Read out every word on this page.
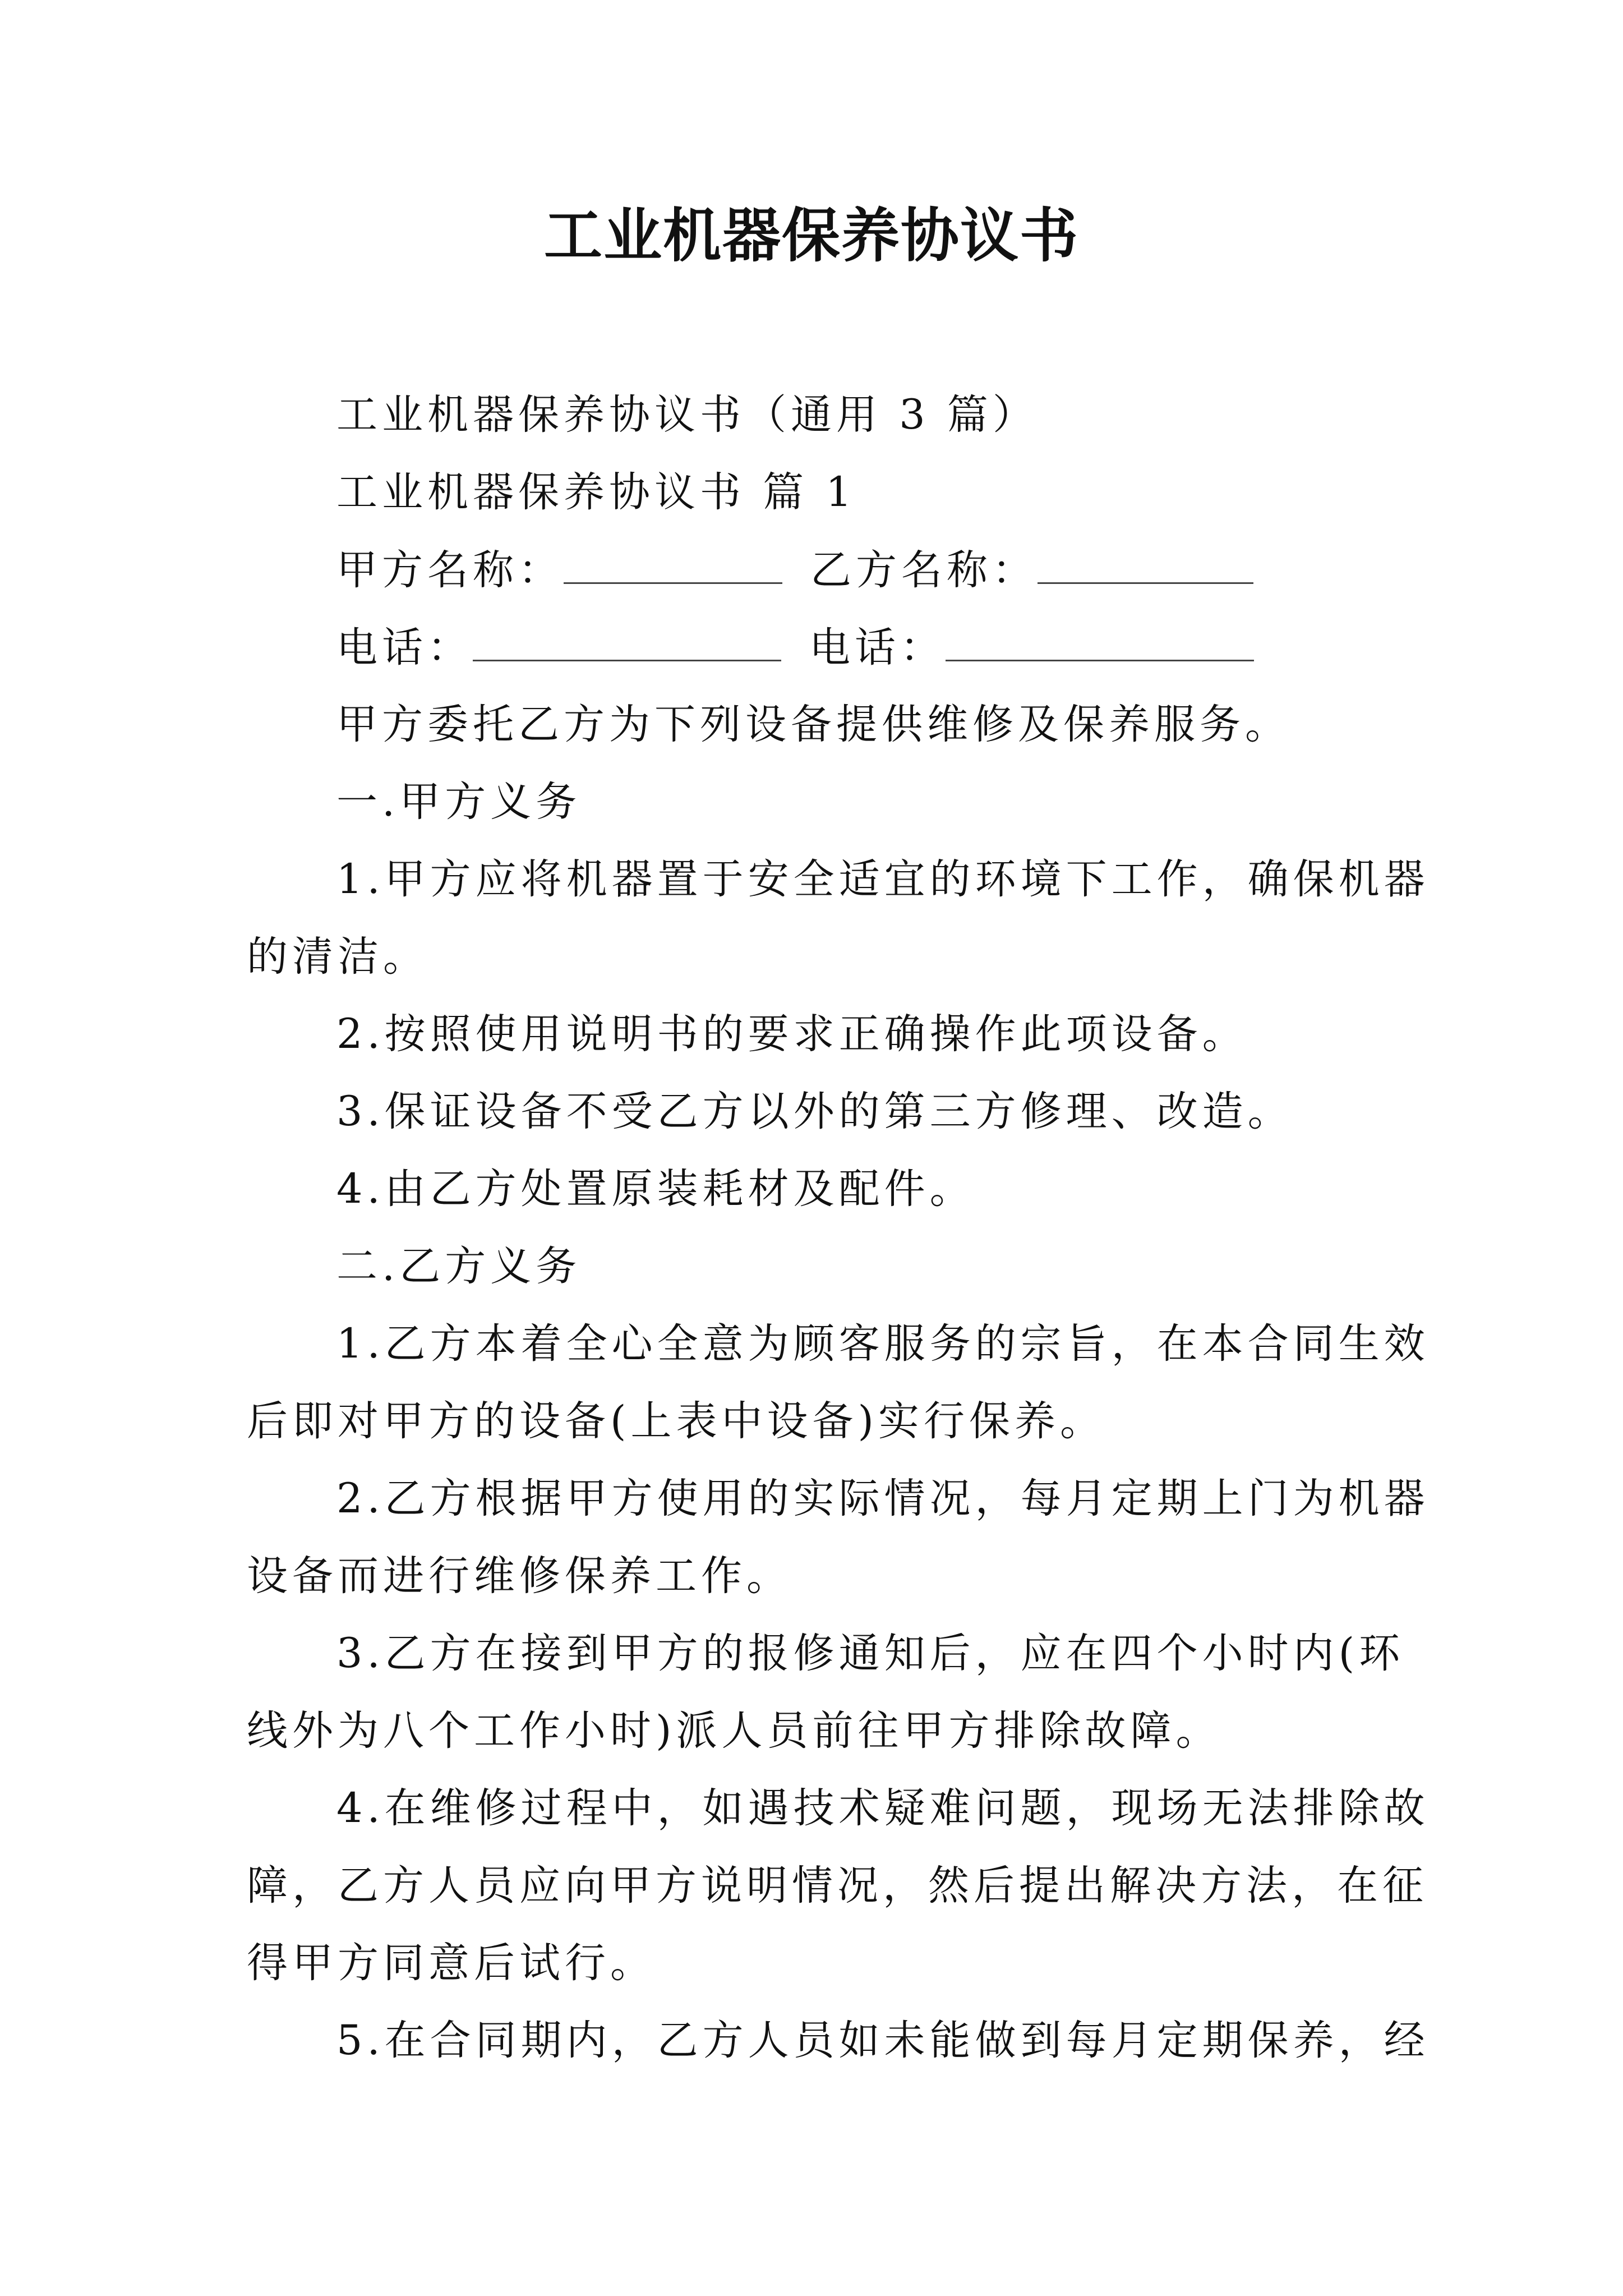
工业机器保养协议书
工业机器保养协议书（通用 3 篇）
工业机器保养协议书 篇 1
甲方名称：	乙方名称：
电话：	电话：
甲方委托乙方为下列设备提供维修及保养服务。
一.甲方义务
1.甲方应将机器置于安全适宜的环境下工作，确保机器
的清洁。
2.按照使用说明书的要求正确操作此项设备。
3.保证设备不受乙方以外的第三方修理、改造。
4.由乙方处置原装耗材及配件。
二.乙方义务
1.乙方本着全心全意为顾客服务的宗旨，在本合同生效
后即对甲方的设备(上表中设备)实行保养。
2.乙方根据甲方使用的实际情况，每月定期上门为机器
设备而进行维修保养工作。
3.乙方在接到甲方的报修通知后，应在四个小时内(环
线外为八个工作小时)派人员前往甲方排除故障。
4.在维修过程中，如遇技术疑难问题，现场无法排除故
障，乙方人员应向甲方说明情况，然后提出解决方法，在征
得甲方同意后试行。
5.在合同期内，乙方人员如未能做到每月定期保养，经
